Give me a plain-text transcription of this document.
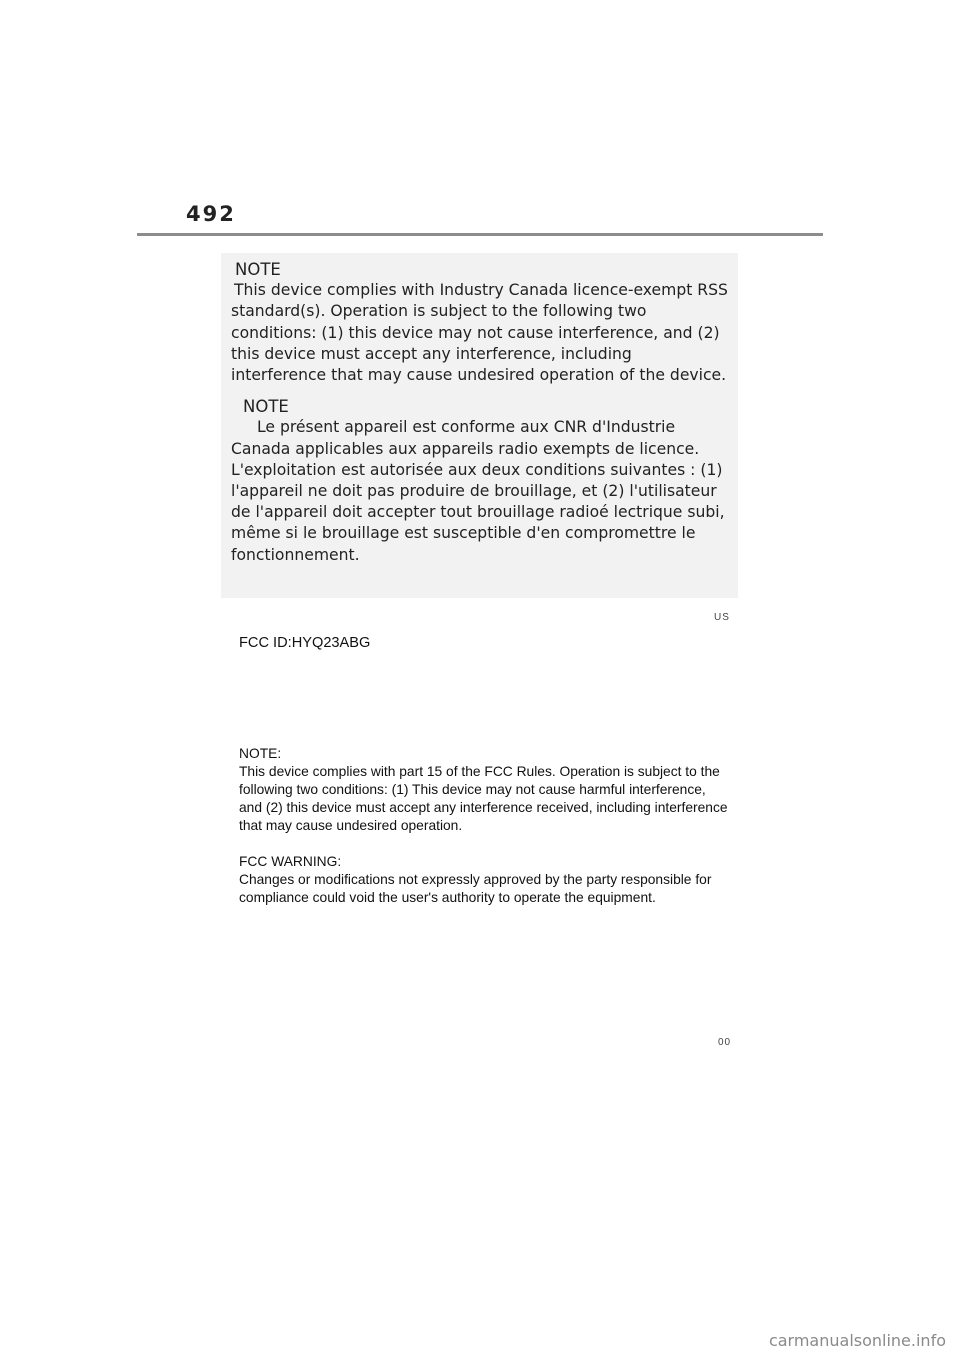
492
NOTE

This device complies with Industry Canada licence-exempt RSS standard(s). Operation is subject to the following two conditions: (1) this device may not cause interference, and (2) this device must accept any interference, including interference that may cause undesired operation of the device.

NOTE

Le présent appareil est conforme aux CNR d'Industrie Canada applicables aux appareils radio exempts de licence. L'exploitation est autorisée aux deux conditions suivantes : (1) l'appareil ne doit pas produire de brouillage, et (2) l'utilisateur de l'appareil doit accepter tout brouillage radioé lectrique subi, même si le brouillage est susceptible d'en compromettre le fonctionnement.

US
FCC ID:HYQ23ABG

NOTE:

This device complies with part 15 of the FCC Rules. Operation is subject to the following two conditions: (1) This device may not cause harmful interference, and (2) this device must accept any interference received, including interference that may cause undesired operation.

FCC WARNING:

Changes or modifications not expressly approved by the party responsible for compliance could void the user's authority to operate the equipment.

00
carmanualsonline.info
